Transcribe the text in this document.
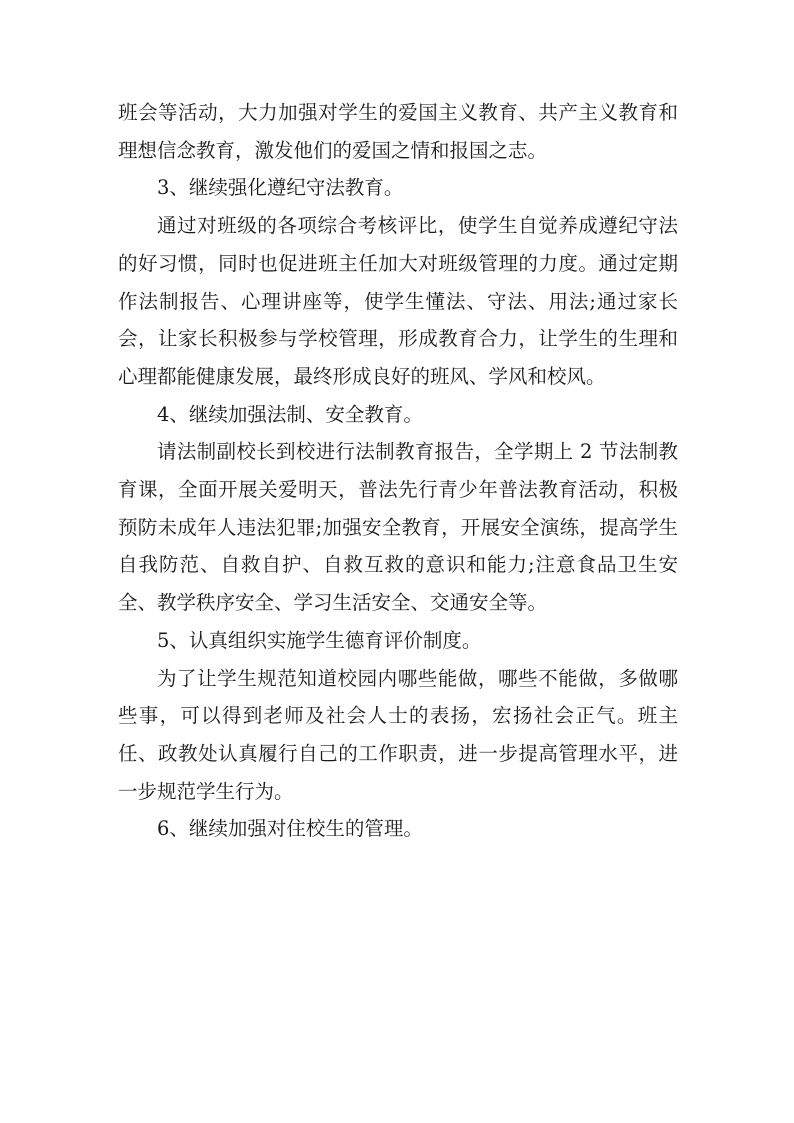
班会等活动，大力加强对学生的爱国主义教育、共产主义教育和理想信念教育，激发他们的爱国之情和报国之志。

3、继续强化遵纪守法教育。

通过对班级的各项综合考核评比，使学生自觉养成遵纪守法的好习惯，同时也促进班主任加大对班级管理的力度。通过定期作法制报告、心理讲座等，使学生懂法、守法、用法;通过家长会，让家长积极参与学校管理，形成教育合力，让学生的生理和心理都能健康发展，最终形成良好的班风、学风和校风。

4、继续加强法制、安全教育。

请法制副校长到校进行法制教育报告，全学期上 2 节法制教育课，全面开展关爱明天，普法先行青少年普法教育活动，积极预防未成年人违法犯罪;加强安全教育，开展安全演练，提高学生自我防范、自救自护、自救互救的意识和能力;注意食品卫生安全、教学秩序安全、学习生活安全、交通安全等。

5、认真组织实施学生德育评价制度。

为了让学生规范知道校园内哪些能做，哪些不能做，多做哪些事，可以得到老师及社会人士的表扬，宏扬社会正气。班主任、政教处认真履行自己的工作职责，进一步提高管理水平，进一步规范学生行为。

6、继续加强对住校生的管理。
